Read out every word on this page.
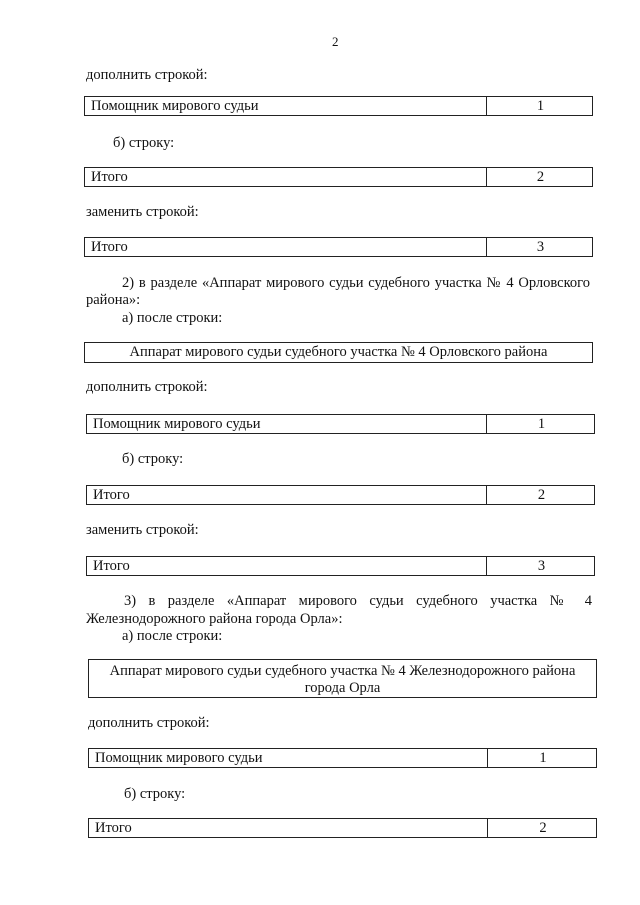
2
дополнить строкой:
Помощник мирового судьи	1
б) строку:
Итого	2
заменить строкой:
Итого	3
2) в разделе «Аппарат мирового судьи судебного участка № 4 Орловского
района»:
а) после строки:
Аппарат мирового судьи судебного участка № 4 Орловского района
дополнить строкой:
Помощник мирового судьи	1
б) строку:
Итого	2
заменить строкой:
Итого	3
3) в разделе «Аппарат мирового судьи судебного участка № 4
Железнодорожного района города Орла»:
а) после строки:
Аппарат мирового судьи судебного участка № 4 Железнодорожного района
города Орла
дополнить строкой:
Помощник мирового судьи	1
б) строку:
Итого	2
